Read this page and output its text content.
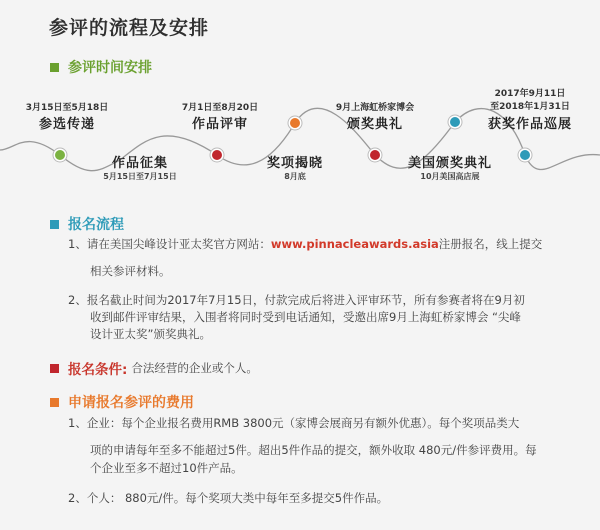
参评的流程及安排
参评时间安排
3月15日至5月18日
参选传递
作品征集
5月15日至7月15日
7月1日至8月20日
作品评审
奖项揭晓
8月底
9月上海虹桥家博会
颁奖典礼
美国颁奖典礼
10月美国高店展
2017年9月11日
至2018年1月31日
获奖作品巡展
报名流程
1、请在美国尖峰设计亚太奖官方网站：www.pinnacleawards.asia注册报名，线上提交
相关参评材料。
2、报名截止时间为2017年7月15日，付款完成后将进入评审环节，所有参赛者将在9月初
收到邮件评审结果，入围者将同时受到电话通知，受邀出席9月上海虹桥家博会 “尖峰
设计亚太奖”颁奖典礼。
报名条件: 合法经营的企业或个人。
申请报名参评的费用
1、企业：每个企业报名费用RMB 3800元（家博会展商另有额外优惠）。每个奖项品类大
项的申请每年至多不能超过5件。超出5件作品的提交，额外收取 480元/件参评费用。每
个企业至多不超过10件产品。
2、个人： 880元/件。每个奖项大类中每年至多提交5件作品。
